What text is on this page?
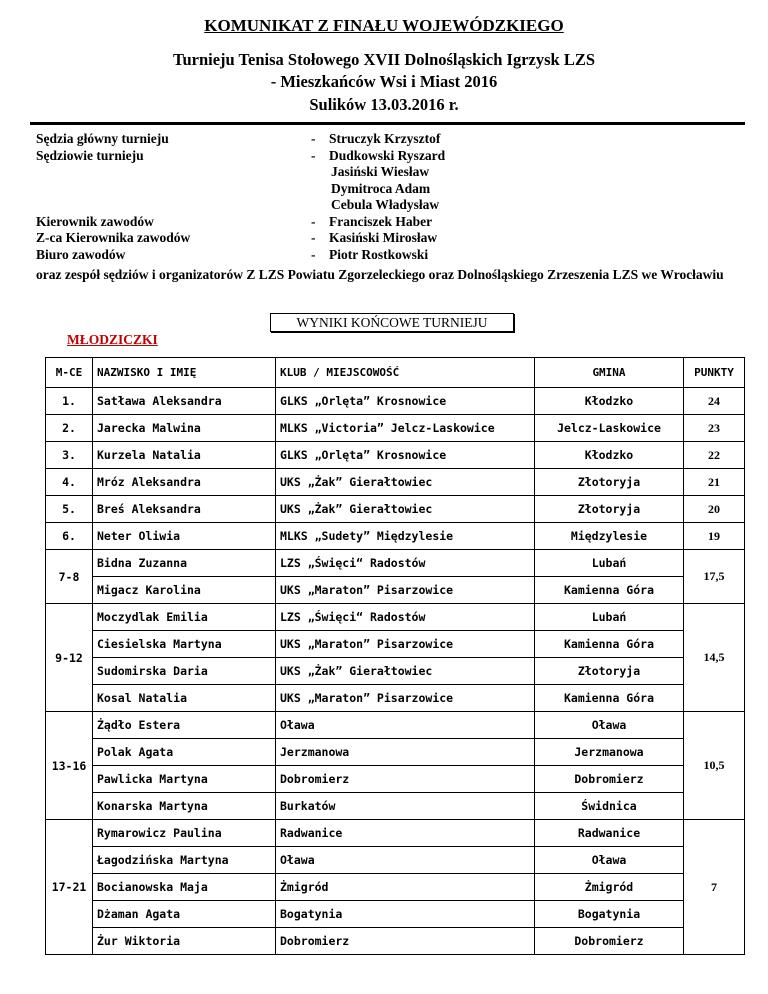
KOMUNIKAT Z FINAŁU WOJEWÓDZKIEGO
Turnieju Tenisa Stołowego XVII Dolnośląskich Igrzysk LZS
- Mieszkańców Wsi i Miast 2016
Sulików 13.03.2016 r.
Sędzia główny turnieju	- Struczyk Krzysztof
Sędziowie turnieju	- Dudkowski Ryszard
Jasiński Wiesław
Dymitroca Adam
Cebula Władysław
Kierownik zawodów	- Franciszek Haber
Z-ca Kierownika zawodów	- Kasiński Mirosław
Biuro zawodów	- Piotr Rostkowski
oraz zespół sędziów i organizatorów Z LZS Powiatu Zgorzeleckiego oraz Dolnośląskiego Zrzeszenia LZS we Wrocławiu
WYNIKI KOŃCOWE TURNIEJU
MŁODZICZKI
M-CE	NAZWISKO I IMIĘ	KLUB / MIEJSCOWOŚĆ	GMINA	PUNKTY
1.	Satława Aleksandra	GLKS „Orlęta” Krosnowice	Kłodzko	24
2.	Jarecka Malwina	MLKS „Victoria” Jelcz-Laskowice	Jelcz-Laskowice	23
3.	Kurzela Natalia	GLKS „Orlęta” Krosnowice	Kłodzko	22
4.	Mróz Aleksandra	UKS „Żak” Gierałtowiec	Złotoryja	21
5.	Breś Aleksandra	UKS „Żak” Gierałtowiec	Złotoryja	20
6.	Neter Oliwia	MLKS „Sudety” Międzylesie	Międzylesie	19
7-8	Bidna Zuzanna	LZS „Święci“ Radostów	Lubań	17,5
	Migacz Karolina	UKS „Maraton” Pisarzowice	Kamienna Góra	
9-12	Moczydlak Emilia	LZS „Święci“ Radostów	Lubań	14,5
	Ciesielska Martyna	UKS „Maraton” Pisarzowice	Kamienna Góra	
	Sudomirska Daria	UKS „Żak” Gierałtowiec	Złotoryja	
	Kosal Natalia	UKS „Maraton” Pisarzowice	Kamienna Góra	
13-16	Żądło Estera	Oława	Oława	10,5
	Polak Agata	Jerzmanowa	Jerzmanowa	
	Pawlicka Martyna	Dobromierz	Dobromierz	
	Konarska Martyna	Burkatów	Świdnica	
17-21	Rymarowicz Paulina	Radwanice	Radwanice	7
	Łagodzińska Martyna	Oława	Oława	
	Bocianowska Maja	Żmigród	Żmigród	
	Dżaman Agata	Bogatynia	Bogatynia	
	Żur Wiktoria	Dobromierz	Dobromierz	
